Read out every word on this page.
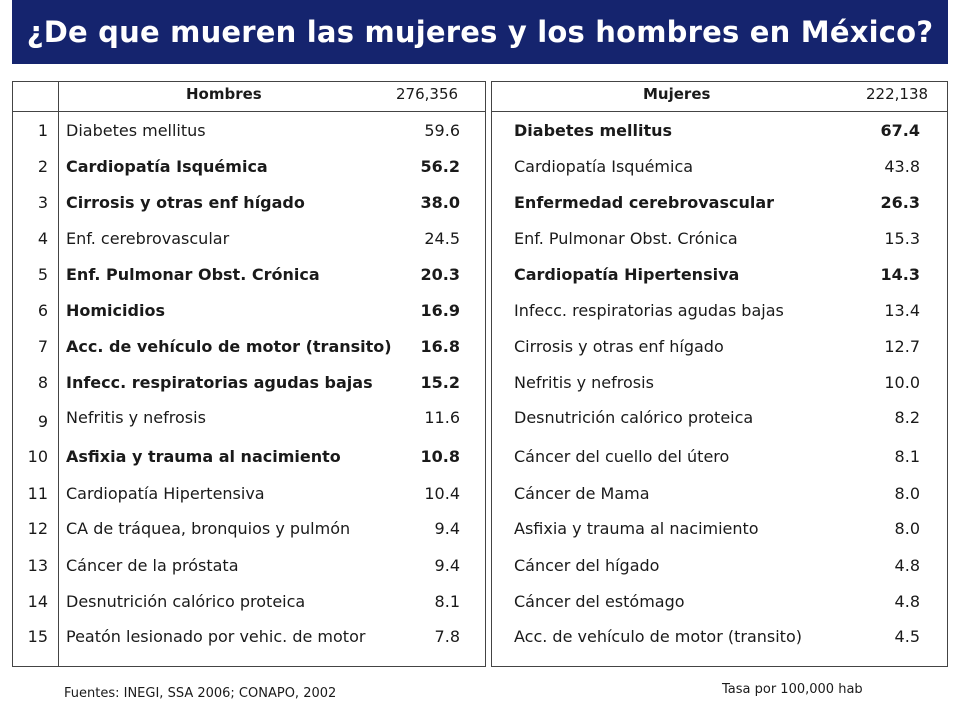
¿De que mueren las mujeres y los hombres en México?
Hombres	276,356	Mujeres	222,138
1 Diabetes mellitus	59.6
2 Cardiopatía Isquémica	56.2
3 Cirrosis y otras enf hígado	38.0
4 Enf. cerebrovascular	24.5
5 Enf. Pulmonar Obst. Crónica	20.3
6 Homicidios	16.9
7 Acc. de vehículo de motor (transito)	16.8
8 Infecc. respiratorias agudas bajas	15.2
9 Nefritis y nefrosis	11.6
10 Asfixia y trauma al nacimiento	10.8
11 Cardiopatía Hipertensiva	10.4
12 CA de tráquea, bronquios y pulmón	9.4
13 Cáncer de la próstata	9.4
14 Desnutrición calórico proteica	8.1
15 Peatón lesionado por vehic. de motor	7.8
Diabetes mellitus	67.4
Cardiopatía Isquémica	43.8
Enfermedad cerebrovascular	26.3
Enf. Pulmonar Obst. Crónica	15.3
Cardiopatía Hipertensiva	14.3
Infecc. respiratorias agudas bajas	13.4
Cirrosis y otras enf hígado	12.7
Nefritis y nefrosis	10.0
Desnutrición calórico proteica	8.2
Cáncer del cuello del útero	8.1
Cáncer de Mama	8.0
Asfixia y trauma al nacimiento	8.0
Cáncer del hígado	4.8
Cáncer del estómago	4.8
Acc. de vehículo de motor (transito)	4.5
Fuentes: INEGI, SSA 2006; CONAPO, 2002	Tasa por 100,000 hab
